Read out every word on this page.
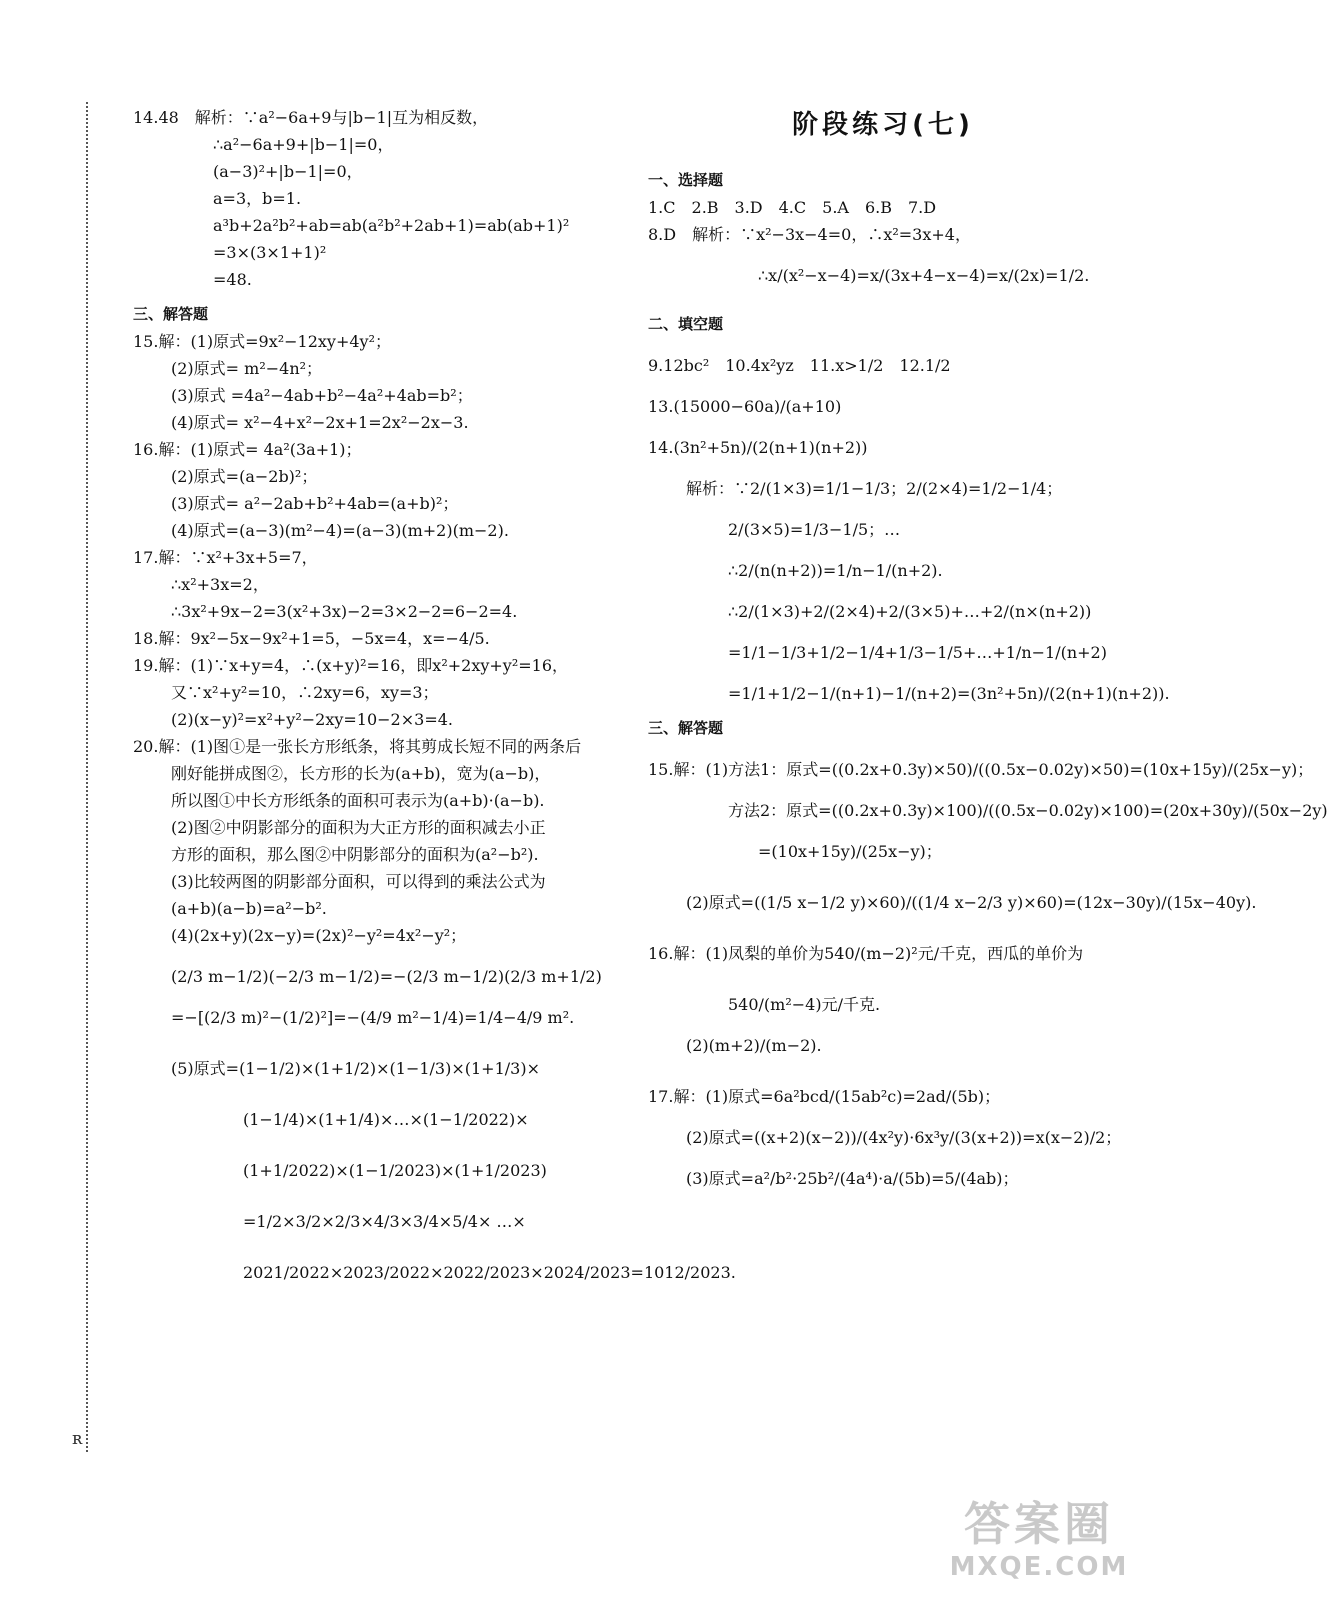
ʀ

14.48　解析：∵a²−6a+9与|b−1|互为相反数，

∴a²−6a+9+|b−1|=0，

(a−3)²+|b−1|=0，

a=3，b=1.

a³b+2a²b²+ab=ab(a²b²+2ab+1)=ab(ab+1)²

=3×(3×1+1)²

=48.

三、解答题

15.解：(1)原式=9x²−12xy+4y²；

(2)原式= m²−4n²；

(3)原式 =4a²−4ab+b²−4a²+4ab=b²；

(4)原式= x²−4+x²−2x+1=2x²−2x−3.

16.解：(1)原式= 4a²(3a+1)；

(2)原式=(a−2b)²；

(3)原式= a²−2ab+b²+4ab=(a+b)²；

(4)原式=(a−3)(m²−4)=(a−3)(m+2)(m−2).

17.解：∵x²+3x+5=7，

∴x²+3x=2，

∴3x²+9x−2=3(x²+3x)−2=3×2−2=6−2=4.

18.解：9x²−5x−9x²+1=5，−5x=4，x=−4/5.

19.解：(1)∵x+y=4，∴(x+y)²=16，即x²+2xy+y²=16，

又∵x²+y²=10，∴2xy=6，xy=3；

(2)(x−y)²=x²+y²−2xy=10−2×3=4.

20.解：(1)图①是一张长方形纸条，将其剪成长短不同的两条后

刚好能拼成图②，长方形的长为(a+b)，宽为(a−b)，

所以图①中长方形纸条的面积可表示为(a+b)·(a−b).

(2)图②中阴影部分的面积为大正方形的面积减去小正

方形的面积，那么图②中阴影部分的面积为(a²−b²).

(3)比较两图的阴影部分面积，可以得到的乘法公式为

(a+b)(a−b)=a²−b².

(4)(2x+y)(2x−y)=(2x)²−y²=4x²−y²；

(2/3 m−1/2)(−2/3 m−1/2)=−(2/3 m−1/2)(2/3 m+1/2)

=−[(2/3 m)²−(1/2)²]=−(4/9 m²−1/4)=1/4−4/9 m².

(5)原式=(1−1/2)×(1+1/2)×(1−1/3)×(1+1/3)×

(1−1/4)×(1+1/4)×…×(1−1/2022)×

(1+1/2022)×(1−1/2023)×(1+1/2023)

=1/2×3/2×2/3×4/3×3/4×5/4× …×

2021/2022×2023/2022×2022/2023×2024/2023=1012/2023.

阶段练习(七)

一、选择题

1.C　2.B　3.D　4.C　5.A　6.B　7.D

8.D　解析：∵x²−3x−4=0，∴x²=3x+4，

∴x/(x²−x−4)=x/(3x+4−x−4)=x/(2x)=1/2.

二、填空题

9.12bc²　10.4x²yz　11.x>1/2　12.1/2

13.(15000−60a)/(a+10)

14.(3n²+5n)/(2(n+1)(n+2))

解析：∵2/(1×3)=1/1−1/3；2/(2×4)=1/2−1/4；

2/(3×5)=1/3−1/5；…

∴2/(n(n+2))=1/n−1/(n+2).

∴2/(1×3)+2/(2×4)+2/(3×5)+…+2/(n×(n+2))

=1/1−1/3+1/2−1/4+1/3−1/5+…+1/n−1/(n+2)

=1/1+1/2−1/(n+1)−1/(n+2)=(3n²+5n)/(2(n+1)(n+2)).

三、解答题

15.解：(1)方法1：原式=((0.2x+0.3y)×50)/((0.5x−0.02y)×50)=(10x+15y)/(25x−y)；

方法2：原式=((0.2x+0.3y)×100)/((0.5x−0.02y)×100)=(20x+30y)/(50x−2y)

=(10x+15y)/(25x−y)；

(2)原式=((1/5 x−1/2 y)×60)/((1/4 x−2/3 y)×60)=(12x−30y)/(15x−40y).

16.解：(1)凤梨的单价为540/(m−2)²元/千克，西瓜的单价为

540/(m²−4)元/千克.

(2)(m+2)/(m−2).

17.解：(1)原式=6a²bcd/(15ab²c)=2ad/(5b)；

(2)原式=((x+2)(x−2))/(4x²y)·6x³y/(3(x+2))=x(x−2)/2；

(3)原式=a²/b²·25b²/(4a⁴)·a/(5b)=5/(4ab)；

答案圈
MXQE.COM
